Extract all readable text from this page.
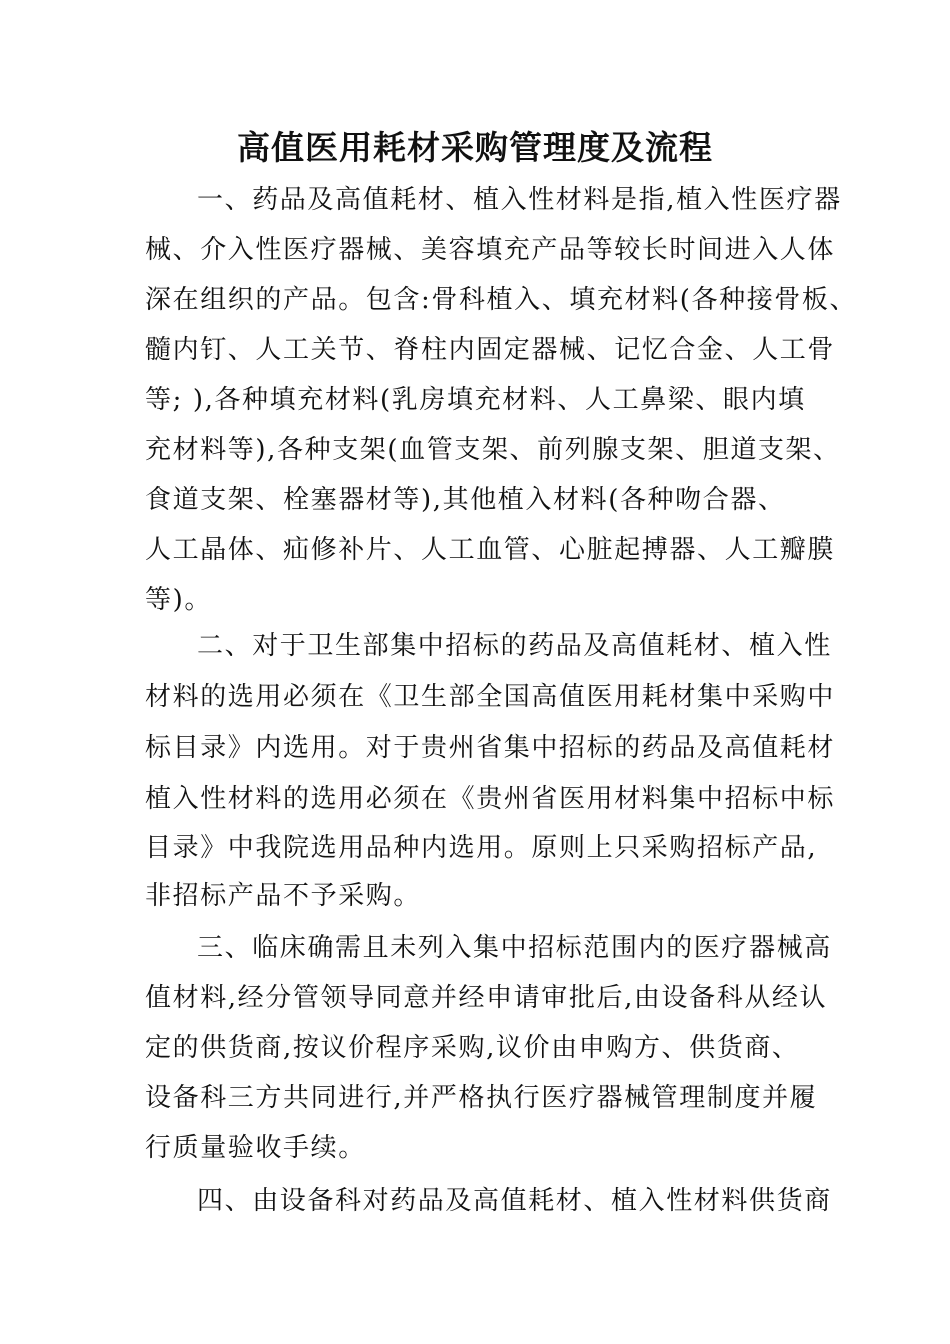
高值医用耗材采购管理度及流程

一、药品及高值耗材、植入性材料是指,植入性医疗器

械、介入性医疗器械、美容填充产品等较长时间进入人体

深在组织的产品。包含:骨科植入、填充材料(各种接骨板、

髓内钉、人工关节、脊柱内固定器械、记忆合金、人工骨

等; ),各种填充材料(乳房填充材料、人工鼻梁、眼内填

充材料等),各种支架(血管支架、前列腺支架、胆道支架、

食道支架、栓塞器材等),其他植入材料(各种吻合器、

人工晶体、疝修补片、人工血管、心脏起搏器、人工瓣膜

等)。

二、对于卫生部集中招标的药品及高值耗材、植入性

材料的选用必须在《卫生部全国高值医用耗材集中采购中

标目录》内选用。对于贵州省集中招标的药品及高值耗材

植入性材料的选用必须在《贵州省医用材料集中招标中标

目录》中我院选用品种内选用。原则上只采购招标产品,

非招标产品不予采购。

三、临床确需且未列入集中招标范围内的医疗器械高

值材料,经分管领导同意并经申请审批后,由设备科从经认

定的供货商,按议价程序采购,议价由申购方、供货商、

设备科三方共同进行,并严格执行医疗器械管理制度并履

行质量验收手续。

四、由设备科对药品及高值耗材、植入性材料供货商
